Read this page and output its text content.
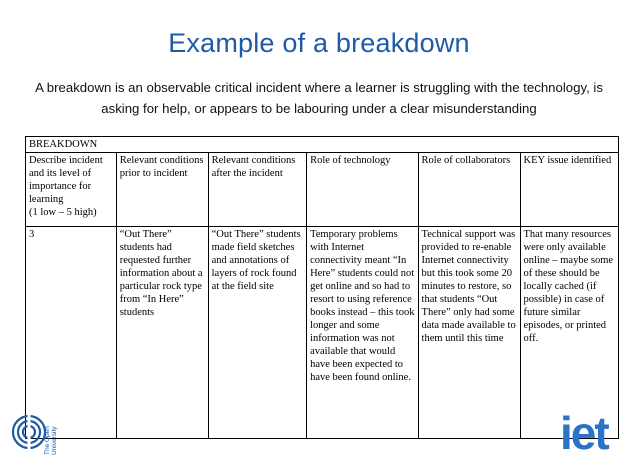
Example of a breakdown
A breakdown is an observable critical incident where a learner is struggling with the technology, is asking for help, or appears to be labouring under a clear misunderstanding
BREAKDOWN					
Describe incident and its level of importance for learning
(1 low – 5 high)	Relevant conditions prior to incident	Relevant conditions after the incident	Role of technology	Role of collaborators	KEY issue identified
3	“Out There” students had requested further information about a particular rock type from “In Here” students	“Out There” students made field sketches and annotations of layers of rock found at the field site	Temporary problems with Internet connectivity meant “In Here” students could not get online and so had to resort to using reference books instead – this took longer and some information was not available that would have been expected to have been found online.	Technical support was provided to re-enable Internet connectivity but this took some 20 minutes to restore, so that students “Out There” only had some data made available to them until this time	That many resources were only available online – maybe some of these should be locally cached (if possible) in case of future similar episodes, or printed off.
The Open University	iet
